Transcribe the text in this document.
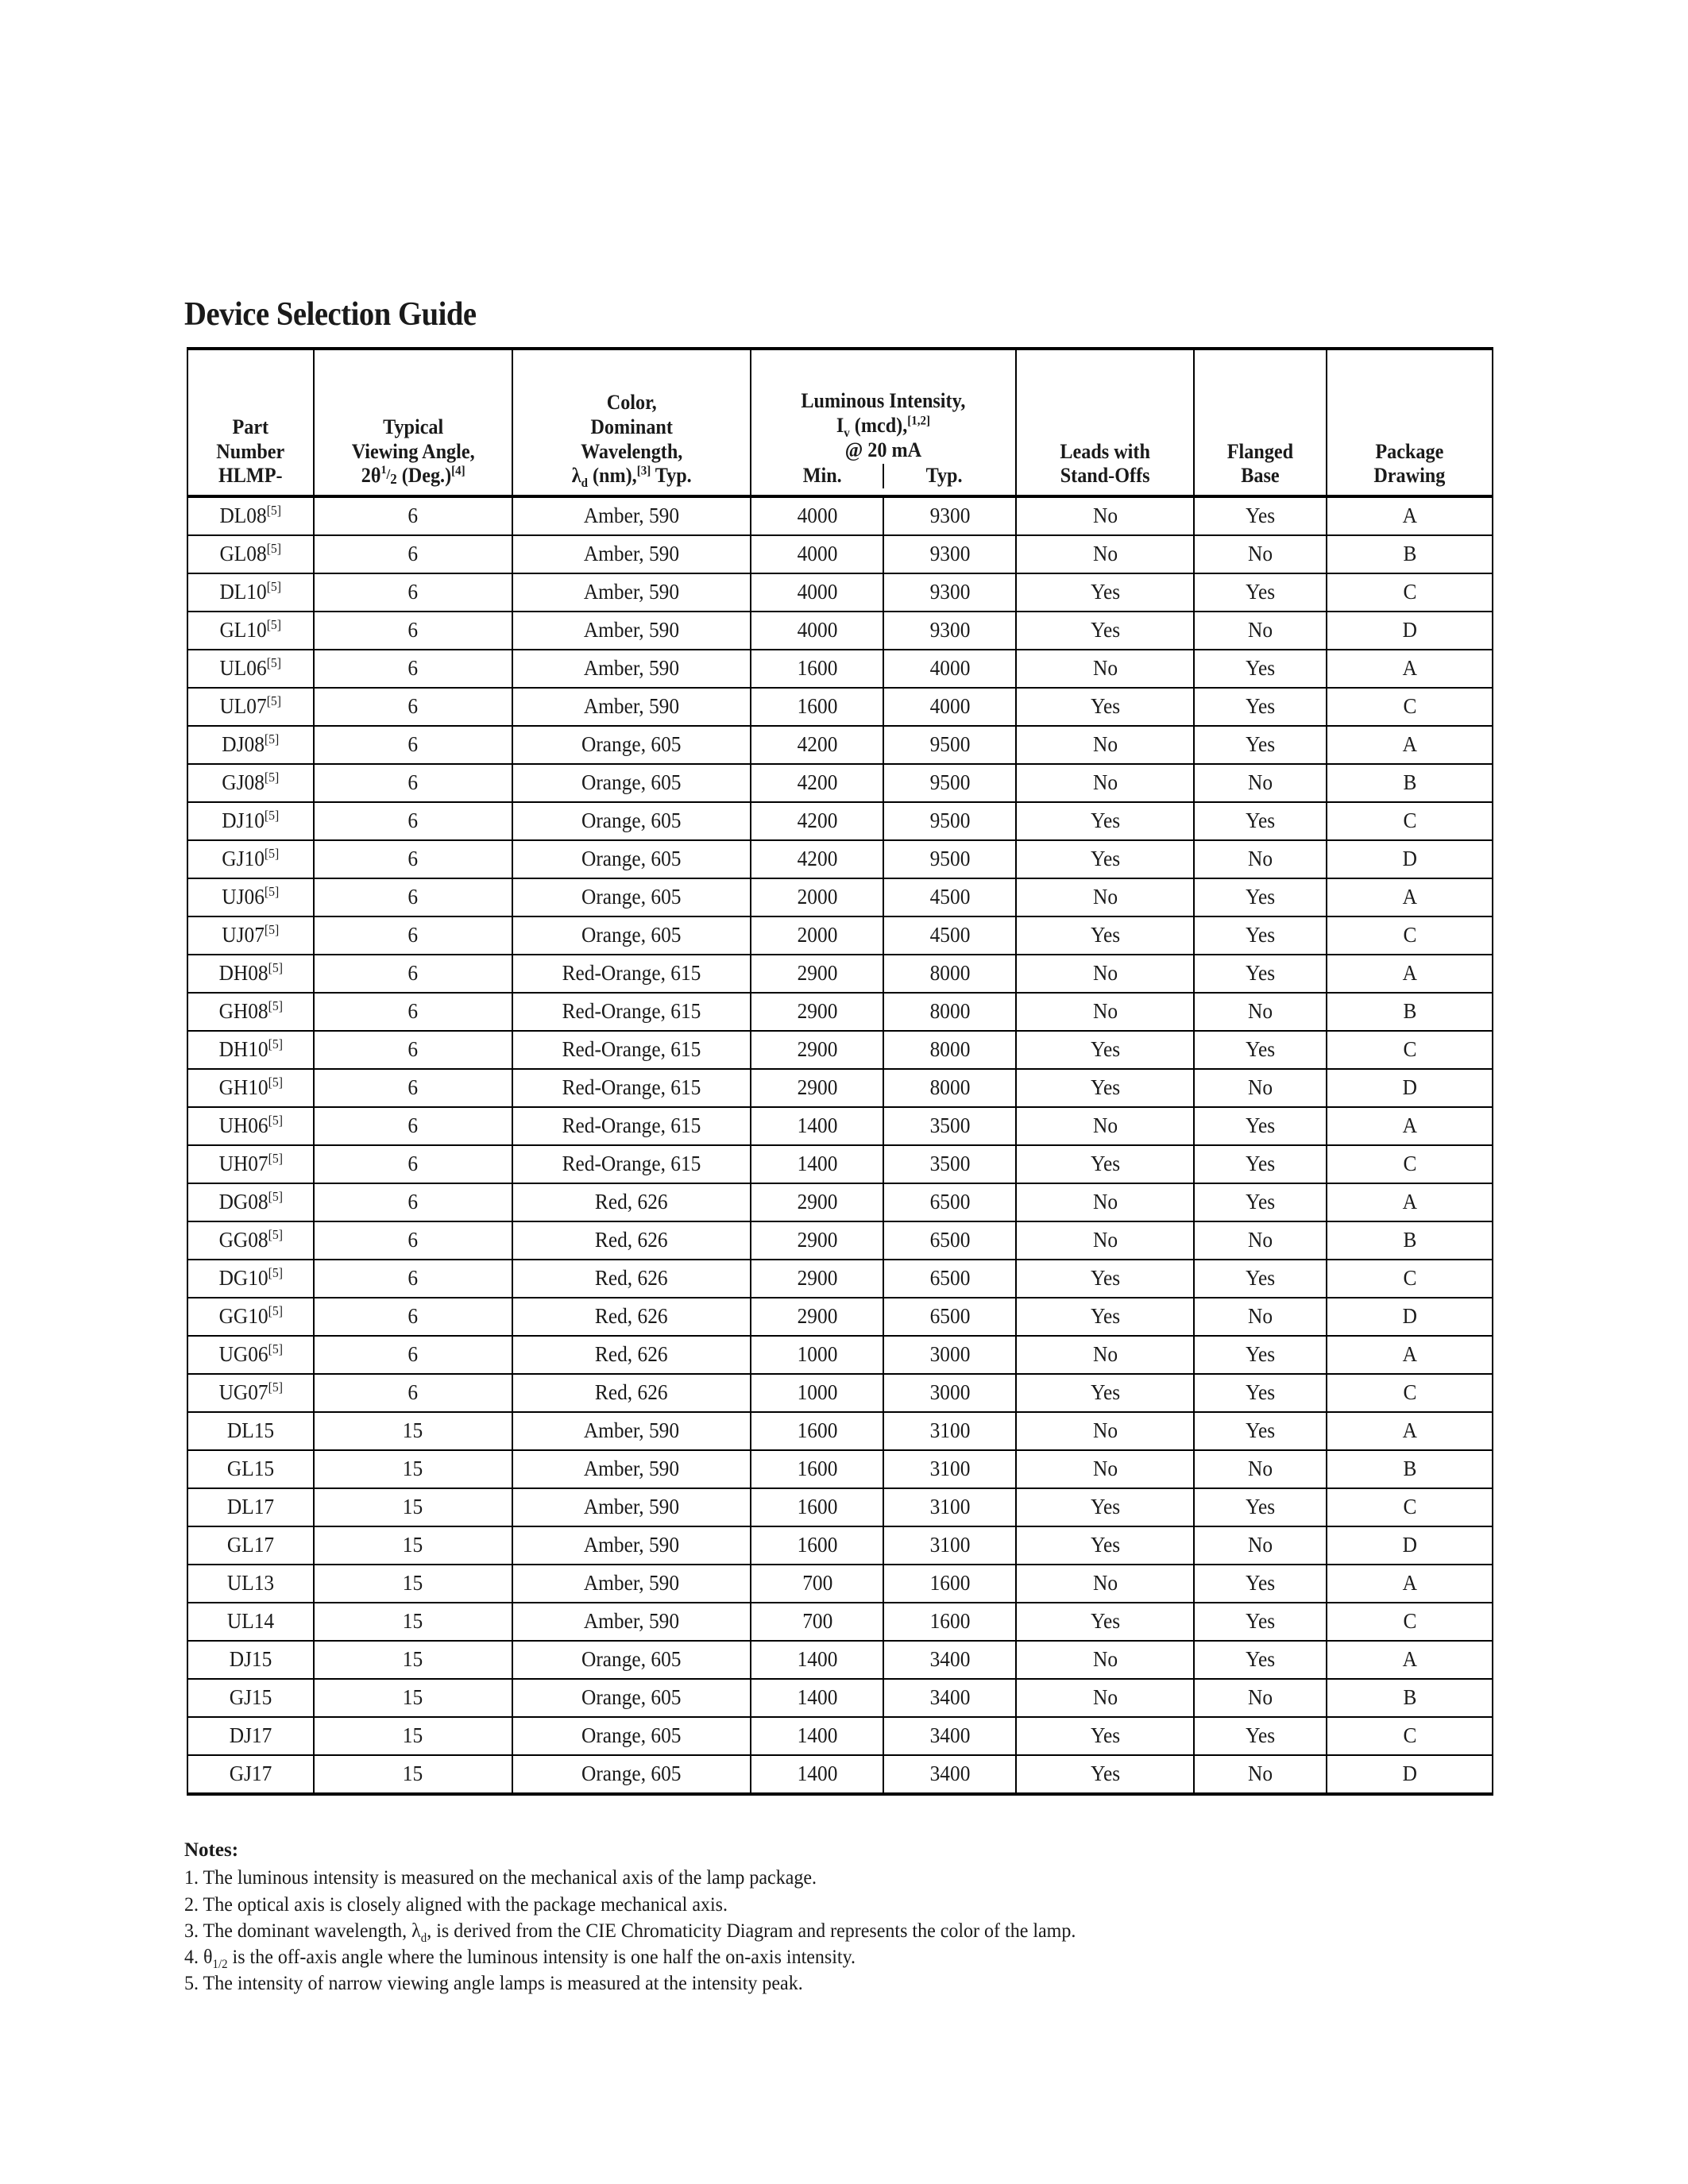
Device Selection Guide
Part
Number
HLMP-

Typical
Viewing Angle,
$2\theta^1/2$ (Deg.)[4]

Color,
Dominant
Wavelength,
$\lambda_d$ (nm),[3] Typ.

Luminous Intensity,
$I_v$ (mcd),[1,2]
@ 20 mA
Min.	Typ.

Leads with
Stand-Offs

Flanged
Base

Package
Drawing

DL08[5]	6	Amber, 590	4000	9300	No	Yes	A
GL08[5]	6	Amber, 590	4000	9300	No	No	B
DL10[5]	6	Amber, 590	4000	9300	Yes	Yes	C
GL10[5]	6	Amber, 590	4000	9300	Yes	No	D
UL06[5]	6	Amber, 590	1600	4000	No	Yes	A
UL07[5]	6	Amber, 590	1600	4000	Yes	Yes	C
DJ08[5]	6	Orange, 605	4200	9500	No	Yes	A
GJ08[5]	6	Orange, 605	4200	9500	No	No	B
DJ10[5]	6	Orange, 605	4200	9500	Yes	Yes	C
GJ10[5]	6	Orange, 605	4200	9500	Yes	No	D
UJ06[5]	6	Orange, 605	2000	4500	No	Yes	A
UJ07[5]	6	Orange, 605	2000	4500	Yes	Yes	C
DH08[5]	6	Red-Orange, 615	2900	8000	No	Yes	A
GH08[5]	6	Red-Orange, 615	2900	8000	No	No	B
DH10[5]	6	Red-Orange, 615	2900	8000	Yes	Yes	C
GH10[5]	6	Red-Orange, 615	2900	8000	Yes	No	D
UH06[5]	6	Red-Orange, 615	1400	3500	No	Yes	A
UH07[5]	6	Red-Orange, 615	1400	3500	Yes	Yes	C
DG08[5]	6	Red, 626	2900	6500	No	Yes	A
GG08[5]	6	Red, 626	2900	6500	No	No	B
DG10[5]	6	Red, 626	2900	6500	Yes	Yes	C
GG10[5]	6	Red, 626	2900	6500	Yes	No	D
UG06[5]	6	Red, 626	1000	3000	No	Yes	A
UG07[5]	6	Red, 626	1000	3000	Yes	Yes	C
DL15	15	Amber, 590	1600	3100	No	Yes	A
GL15	15	Amber, 590	1600	3100	No	No	B
DL17	15	Amber, 590	1600	3100	Yes	Yes	C
GL17	15	Amber, 590	1600	3100	Yes	No	D
UL13	15	Amber, 590	700	1600	No	Yes	A
UL14	15	Amber, 590	700	1600	Yes	Yes	C
DJ15	15	Orange, 605	1400	3400	No	Yes	A
GJ15	15	Orange, 605	1400	3400	No	No	B
DJ17	15	Orange, 605	1400	3400	Yes	Yes	C
GJ17	15	Orange, 605	1400	3400	Yes	No	D
Notes:
1. The luminous intensity is measured on the mechanical axis of the lamp package.
2. The optical axis is closely aligned with the package mechanical axis.
3. The dominant wavelength, $\lambda_d$, is derived from the CIE Chromaticity Diagram and represents the color of the lamp.
4. $\theta_{1/2}$ is the off-axis angle where the luminous intensity is one half the on-axis intensity.
5. The intensity of narrow viewing angle lamps is measured at the intensity peak.
